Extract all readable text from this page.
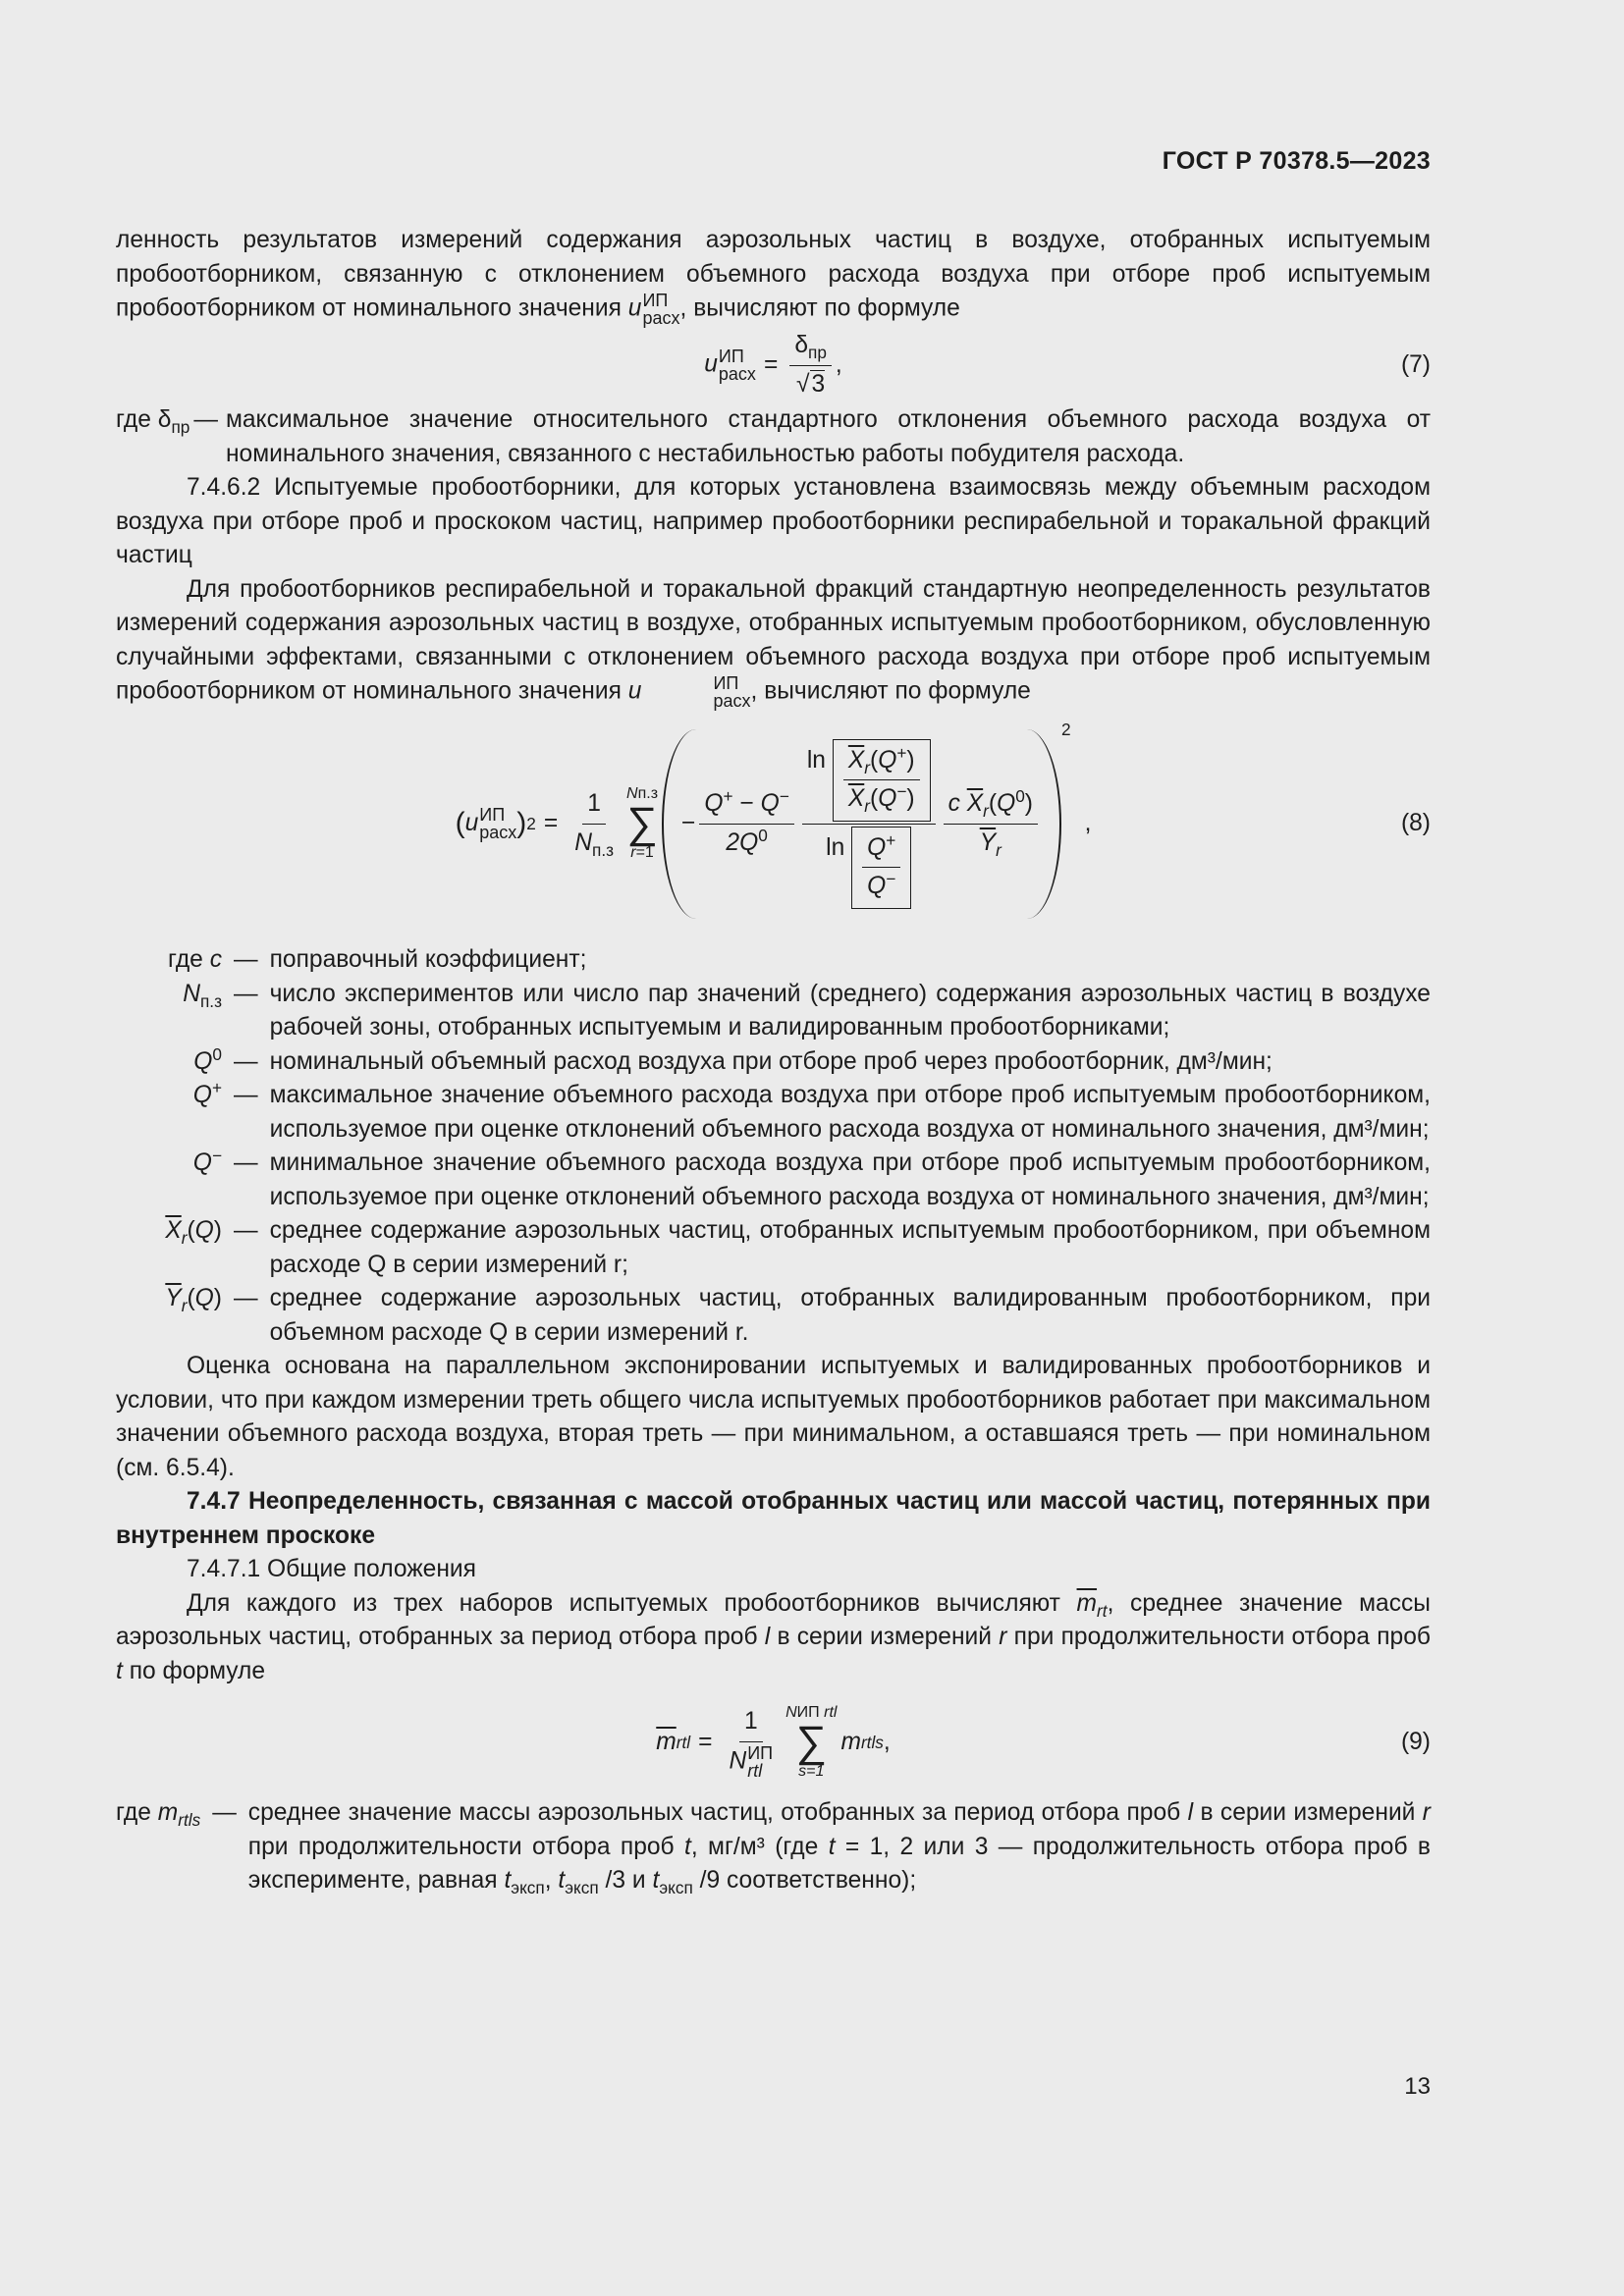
ГОСТ Р 70378.5—2023

ленность результатов измерений содержания аэрозольных частиц в воздухе, отобранных испытуемым пробоотборником, связанную с отклонением объемного расхода воздуха при отборе проб испытуемым пробоотборником от номинального значения u ИП
расх , вычисляют по формуле

u ИП
расх = $\frac{\delta_{пр}}{√3}$ ,	(7)
где $\delta_{пр}$ — максимальное значение относительного стандартного отклонения объемного расхода воздуха от номинального значения, связанного с нестабильностью работы побудителя расхода.

7.4.6.2 Испытуемые пробоотборники, для которых установлена взаимосвязь между объемным расходом воздуха при отборе проб и проскоком частиц, например пробоотборники респирабельной и торакальной фракций частиц

Для пробоотборников респирабельной и торакальной фракций стандартную неопределенность результатов измерений содержания аэрозольных частиц в воздухе, отобранных испытуемым пробоотборником, обусловленную случайными эффектами, связанными с отклонением объемного расхода воздуха при отборе проб испытуемым пробоотборником от номинального значения u	ИП
расх , вычисляют по формуле

( u ИП
расх ) $2 = \frac{1}{N_{п.з}} Nп.з$
∑
r=1
− $\frac{Q^+ - Q^-}{2Q^0} \frac{\ln \frac{\overline{X}_r(Q^+)}{\overline{X}_r(Q^-)}}{\ln \frac{Q^+}{Q^-}} \frac{c \overline{X}_r(Q^0)}{\overline{Y}_r}$
2
,	(8)
где c — поправочный коэффициент;
$N_{п.з}$ — число экспериментов или число пар значений (среднего) содержания аэрозольных частиц в воздухе рабочей зоны, отобранных испытуемым и валидированным пробоотборниками;
$Q^0$ — номинальный объемный расход воздуха при отборе проб через пробоотборник, дм³/мин;
Q+ — максимальное значение объемного расхода воздуха при отборе проб испытуемым пробоотборником, используемое при оценке отклонений объемного расхода воздуха от номинального значения, дм³/мин;
Q− — минимальное значение объемного расхода воздуха при отборе проб испытуемым пробоотборником, используемое при оценке отклонений объемного расхода воздуха от номинального значения, дм³/мин;
$\overline{X}_r(Q)$ — среднее содержание аэрозольных частиц, отобранных испытуемым пробоотборником, при объемном расходе Q в серии измерений r;
$\overline{Y}_r(Q)$ — среднее содержание аэрозольных частиц, отобранных валидированным пробоотборником, при объемном расходе Q в серии измерений r.

Оценка основана на параллельном экспонировании испытуемых и валидированных пробоотборников и условии, что при каждом измерении треть общего числа испытуемых пробоотборников работает при максимальном значении объемного расхода воздуха, вторая треть — при минимальном, а оставшаяся треть — при номинальном (см. 6.5.4).

7.4.7 Неопределенность, связанная с массой отобранных частиц или массой частиц, потерянных при внутреннем проскоке

7.4.7.1 Общие положения

Для каждого из трех наборов испытуемых пробоотборников вычисляют $\overline{m}_{rt}$, среднее значение массы аэрозольных частиц, отобранных за период отбора проб l в серии измерений r при продолжительности отбора проб t по формуле

$\overline{m}$ rtl = 1
N ИП
rtl NИП rtl
∑
s=1
m rtls ,	(9)
где $m_{rtls}$ — среднее значение массы аэрозольных частиц, отобранных за период отбора проб l в серии измерений r при продолжительности отбора проб t, мг/м³ (где t = 1, 2 или 3 — продолжительность отбора проб в эксперименте, равная $t_{эксп}$, $t_{эксп}$ /3 и $t_{эксп}$ /9 соответственно);
13
